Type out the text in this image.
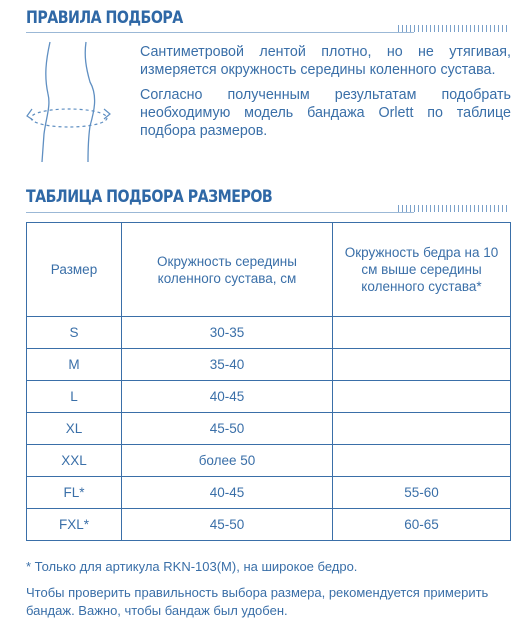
ПРАВИЛА ПОДБОРА

Сантиметровой лентой плотно, но не утягивая, измеряется окружность середины коленного сустава.

Согласно полученным результатам подобрать необходимую модель бандажа Orlett по таблице подбора размеров.

ТАБЛИЦА ПОДБОРА РАЗМЕРОВ
Размер	Окружность середины коленного сустава, см	Окружность бедра на 10 см выше середины коленного сустава*
S	30-35	
M	35-40	
L	40-45	
XL	45-50	
XXL	более 50	
FL*	40-45	55-60
FXL*	45-50	60-65

* Только для артикула RKN-103(M), на широкое бедро.

Чтобы проверить правильность выбора размера, рекомендуется примерить бандаж. Важно, чтобы бандаж был удобен.
